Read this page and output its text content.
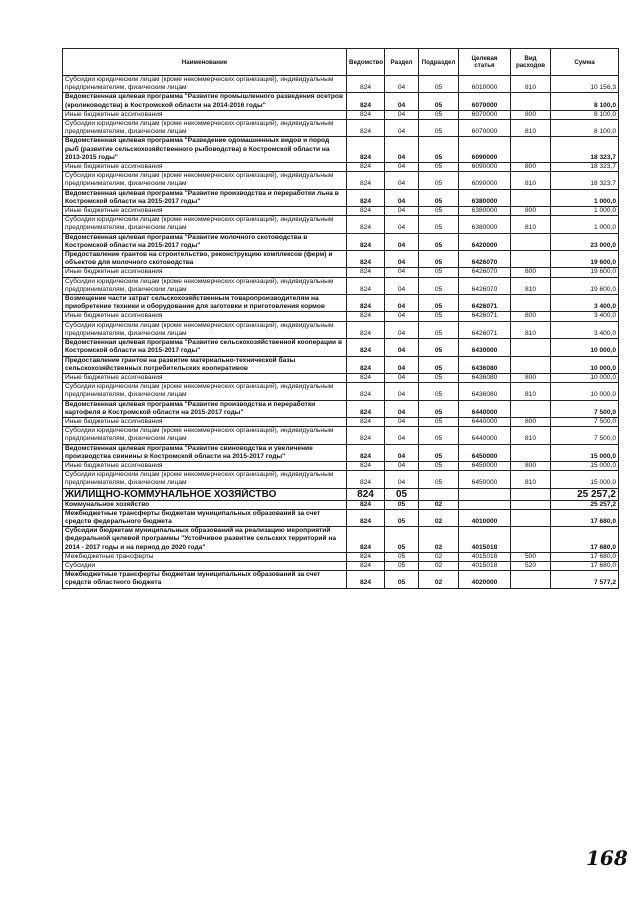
Наименование	Ведомство	Раздел	Подраздел	Целевая статья	Вид расходов	Сумма
Субсидии юридическим лицам (кроме некоммерческих организаций), индивидуальным предпринимателям, физическим лицам	824	04	05	6010000	810	10 156,3
Ведомственная целевая программа "Развитие промышленного разведения осетров (кролиководства) в Костромской области на 2014-2016 годы"	824	04	05	6070000		8 100,0
Иные бюджетные ассигнования	824	04	05	6070000	800	8 100,0
Субсидии юридическим лицам (кроме некоммерческих организаций), индивидуальным предпринимателям, физическим лицам	824	04	05	6070000	810	8 100,0
Ведомственная целевая программа "Разведение одомашненных видов и пород рыб (развитие сельскохозяйственного рыбоводства) в Костромской области на 2013-2015 годы"	824	04	05	6090000		18 323,7
Иные бюджетные ассигнования	824	04	05	6090000	800	18 323,7
Субсидии юридическим лицам (кроме некоммерческих организаций), индивидуальным предпринимателям, физическим лицам	824	04	05	6090000	810	18 323,7
Ведомственная целевая программа "Развитие производства и переработки льна в Костромской области на 2015-2017 годы"	824	04	05	6380000		1 000,0
Иные бюджетные ассигнования	824	04	05	6380000	800	1 000,0
Субсидии юридическим лицам (кроме некоммерческих организаций), индивидуальным предпринимателям, физическим лицам	824	04	05	6380000	810	1 000,0
Ведомственная целевая программа "Развитие молочного скотоводства в Костромской области на 2015-2017 годы"	824	04	05	6420000		23 000,0
Предоставление грантов на строительство, реконструкцию комплексов (ферм) и объектов для молочного скотоводства	824	04	05	6426070		19 600,0
Иные бюджетные ассигнования	824	04	05	6426070	800	19 600,0
Субсидии юридическим лицам (кроме некоммерческих организаций), индивидуальным предпринимателям, физическим лицам	824	04	05	6426070	810	19 600,0
Возмещение части затрат сельскохозяйственным товаропроизводителям на приобретение техники и оборудования для заготовки и приготовления кормов	824	04	05	6426071		3 400,0
Иные бюджетные ассигнования	824	04	05	6426071	800	3 400,0
Субсидии юридическим лицам (кроме некоммерческих организаций), индивидуальным предпринимателям, физическим лицам	824	04	05	6426071	810	3 400,0
Ведомственная целевая программа "Развитие сельскохозяйственной кооперации в Костромской области на 2015-2017 годы"	824	04	05	6430000		10 000,0
Предоставление грантов на развитие материально-технической базы сельскохозяйственных потребительских кооперативов	824	04	05	6436080		10 000,0
Иные бюджетные ассигнования	824	04	05	6436080	800	10 000,0
Субсидии юридическим лицам (кроме некоммерческих организаций), индивидуальным предпринимателям, физическим лицам	824	04	05	6436080	810	10 000,0
Ведомственная целевая программа "Развитие производства и переработки картофеля в Костромской области на 2015-2017 годы"	824	04	05	6440000		7 500,0
Иные бюджетные ассигнования	824	04	05	6440000	800	7 500,0
Субсидии юридическим лицам (кроме некоммерческих организаций), индивидуальным предпринимателям, физическим лицам	824	04	05	6440000	810	7 500,0
Ведомственная целевая программа "Развитие свиноводства и увеличение производства свинины в Костромской области на 2015-2017 годы"	824	04	05	6450000		15 000,0
Иные бюджетные ассигнования	824	04	05	6450000	800	15 000,0
Субсидии юридическим лицам (кроме некоммерческих организаций), индивидуальным предпринимателям, физическим лицам	824	04	05	6450000	810	15 000,0
ЖИЛИЩНО-КОММУНАЛЬНОЕ ХОЗЯЙСТВО	824	05				25 257,2
Коммунальное хозяйство	824	05	02			25 257,2
Межбюджетные трансферты бюджетам муниципальных образований за счет средств федерального бюджета	824	05	02	4010000		17 680,0
Субсидии бюджетам муниципальных образований на реализацию мероприятий федеральной целевой программы "Устойчивое развитие сельских территорий на 2014 - 2017 годы и на период до 2020 года"	824	05	02	4015018		17 680,0
Межбюджетные трансферты	824	05	02	4015018	500	17 680,0
Субсидии	824	05	02	4015018	520	17 680,0
Межбюджетные трансферты бюджетам муниципальных образований за счет средств областного бюджета	824	05	02	4020000		7 577,2
168
